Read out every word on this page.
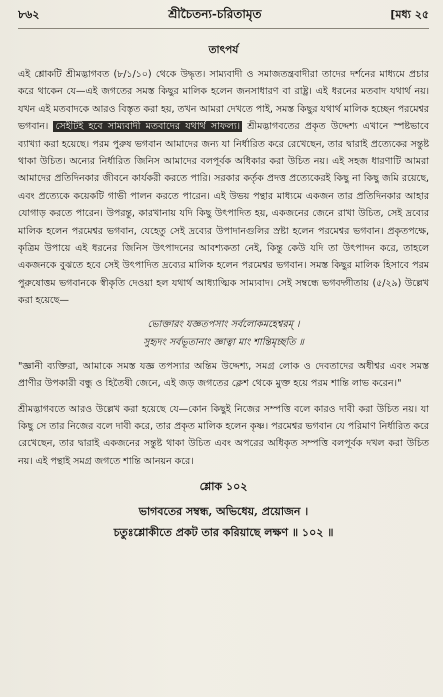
৮৬২	শ্রীচৈতন্য-চরিতামৃত	[মধ্য ২৫
তাৎপর্য

এই শ্লোকটি শ্রীমদ্ভাগবত (৮/১/১০) থেকে উদ্ধৃত। সাম্যবাদী ও সমাজতন্ত্রবাদীরা তাদের দর্শনের মাধ্যমে প্রচার করে থাকেন যে—এই জগতের সমস্ত কিছুর মালিক হলেন জনসাধারণ বা রাষ্ট্র। এই ধরনের মতবাদ যথার্থ নয়। যখন এই মতবাদকে আরও বিস্তৃত করা হয়, তখন আমরা দেখতে পাই, সমস্ত কিছুর যথার্থ মালিক হচ্ছেন পরমেশ্বর ভগবান। সেইটিই হবে সাম্যবাদী মতবাদের যথার্থ সাফল্য। শ্রীমদ্ভাগবতের প্রকৃত উদ্দেশ্য এখানে স্পষ্টভাবে ব্যাখ্যা করা হয়েছে। পরম পুরুষ ভগবান আমাদের জন্য যা নির্ধারিত করে রেখেছেন, তার দ্বারাই প্রত্যেকের সন্তুষ্ট থাকা উচিত। অন্যের নির্ধারিত জিনিস আমাদের বলপূর্বক অধিকার করা উচিত নয়। এই সহজ ধারণাটি আমরা আমাদের প্রতিদিনকার জীবনে কার্যকরী করতে পারি। সরকার কর্তৃক প্রদত্ত প্রত্যেকেরই কিছু না কিছু জমি রয়েছে, এবং প্রত্যেকে কয়েকটি গাভী পালন করতে পারেন। এই উভয় পন্থার মাধ্যমে একজন তার প্রতিদিনকার আহার যোগাড় করতে পারেন। উপরন্তু, কারখানায় যদি কিছু উৎপাদিত হয়, একজনের জেনে রাখা উচিত, সেই দ্রব্যের মালিক হলেন পরমেশ্বর ভগবান, যেহেতু সেই দ্রব্যের উপাদানগুলির স্রষ্টা হলেন পরমেশ্বর ভগবান। প্রকৃতপক্ষে, কৃত্রিম উপায়ে এই ধরনের জিনিস উৎপাদনের আবশ্যকতা নেই, কিন্তু কেউ যদি তা উৎপাদন করে, তাহলে একজনকে বুঝতে হবে সেই উৎপাদিত দ্রব্যের মালিক হলেন পরমেশ্বর ভগবান। সমস্ত কিছুর মালিক হিসাবে পরম পুরুষোত্তম ভগবানকে স্বীকৃতি দেওয়া হল যথার্থ আধ্যাত্মিক সাম্যবাদ। সেই সম্বন্ধে ভগবদ্গীতায় (৫/২৯) উল্লেখ করা হয়েছে—

ভোক্তারং যজ্ঞতপসাং সর্বলোকমহেশ্বরম্ ।
সুহৃদং সর্বভূতানাং জ্ঞাত্বা মাং শান্তিমৃচ্ছতি ॥
"জ্ঞানী ব্যক্তিরা, আমাকে সমস্ত যজ্ঞ তপস্যার অন্তিম উদ্দেশ্য, সমগ্র লোক ও দেবতাদের অধীশ্বর এবং সমস্ত প্রাণীর উপকারী বন্ধু ও হিতৈষী জেনে, এই জড় জগতের ক্লেশ থেকে মুক্ত হয়ে পরম শান্তি লাভ করেন।"
শ্রীমদ্ভাগবতে আরও উল্লেখ করা হয়েছে যে—কোন কিছুই নিজের সম্পত্তি বলে কারও দাবী করা উচিত নয়। যা কিছু সে তার নিজের বলে দাবী করে, তার প্রকৃত মালিক হলেন কৃষ্ণ। পরমেশ্বর ভগবান যে পরিমাণ নির্ধারিত করে রেখেছেন, তার দ্বারাই একজনের সন্তুষ্ট থাকা উচিত এবং অপরের অধিকৃত সম্পত্তি বলপূর্বক দখল করা উচিত নয়। এই পন্থাই সমগ্র জগতে শান্তি আনয়ন করে।
শ্লোক ১০২
ভাগবতের সম্বন্ধ, অভিধেয়, প্রয়োজন ।
চতুঃশ্লোকীতে প্রকট তার করিয়াছে লক্ষণ ॥ ১০২ ॥
